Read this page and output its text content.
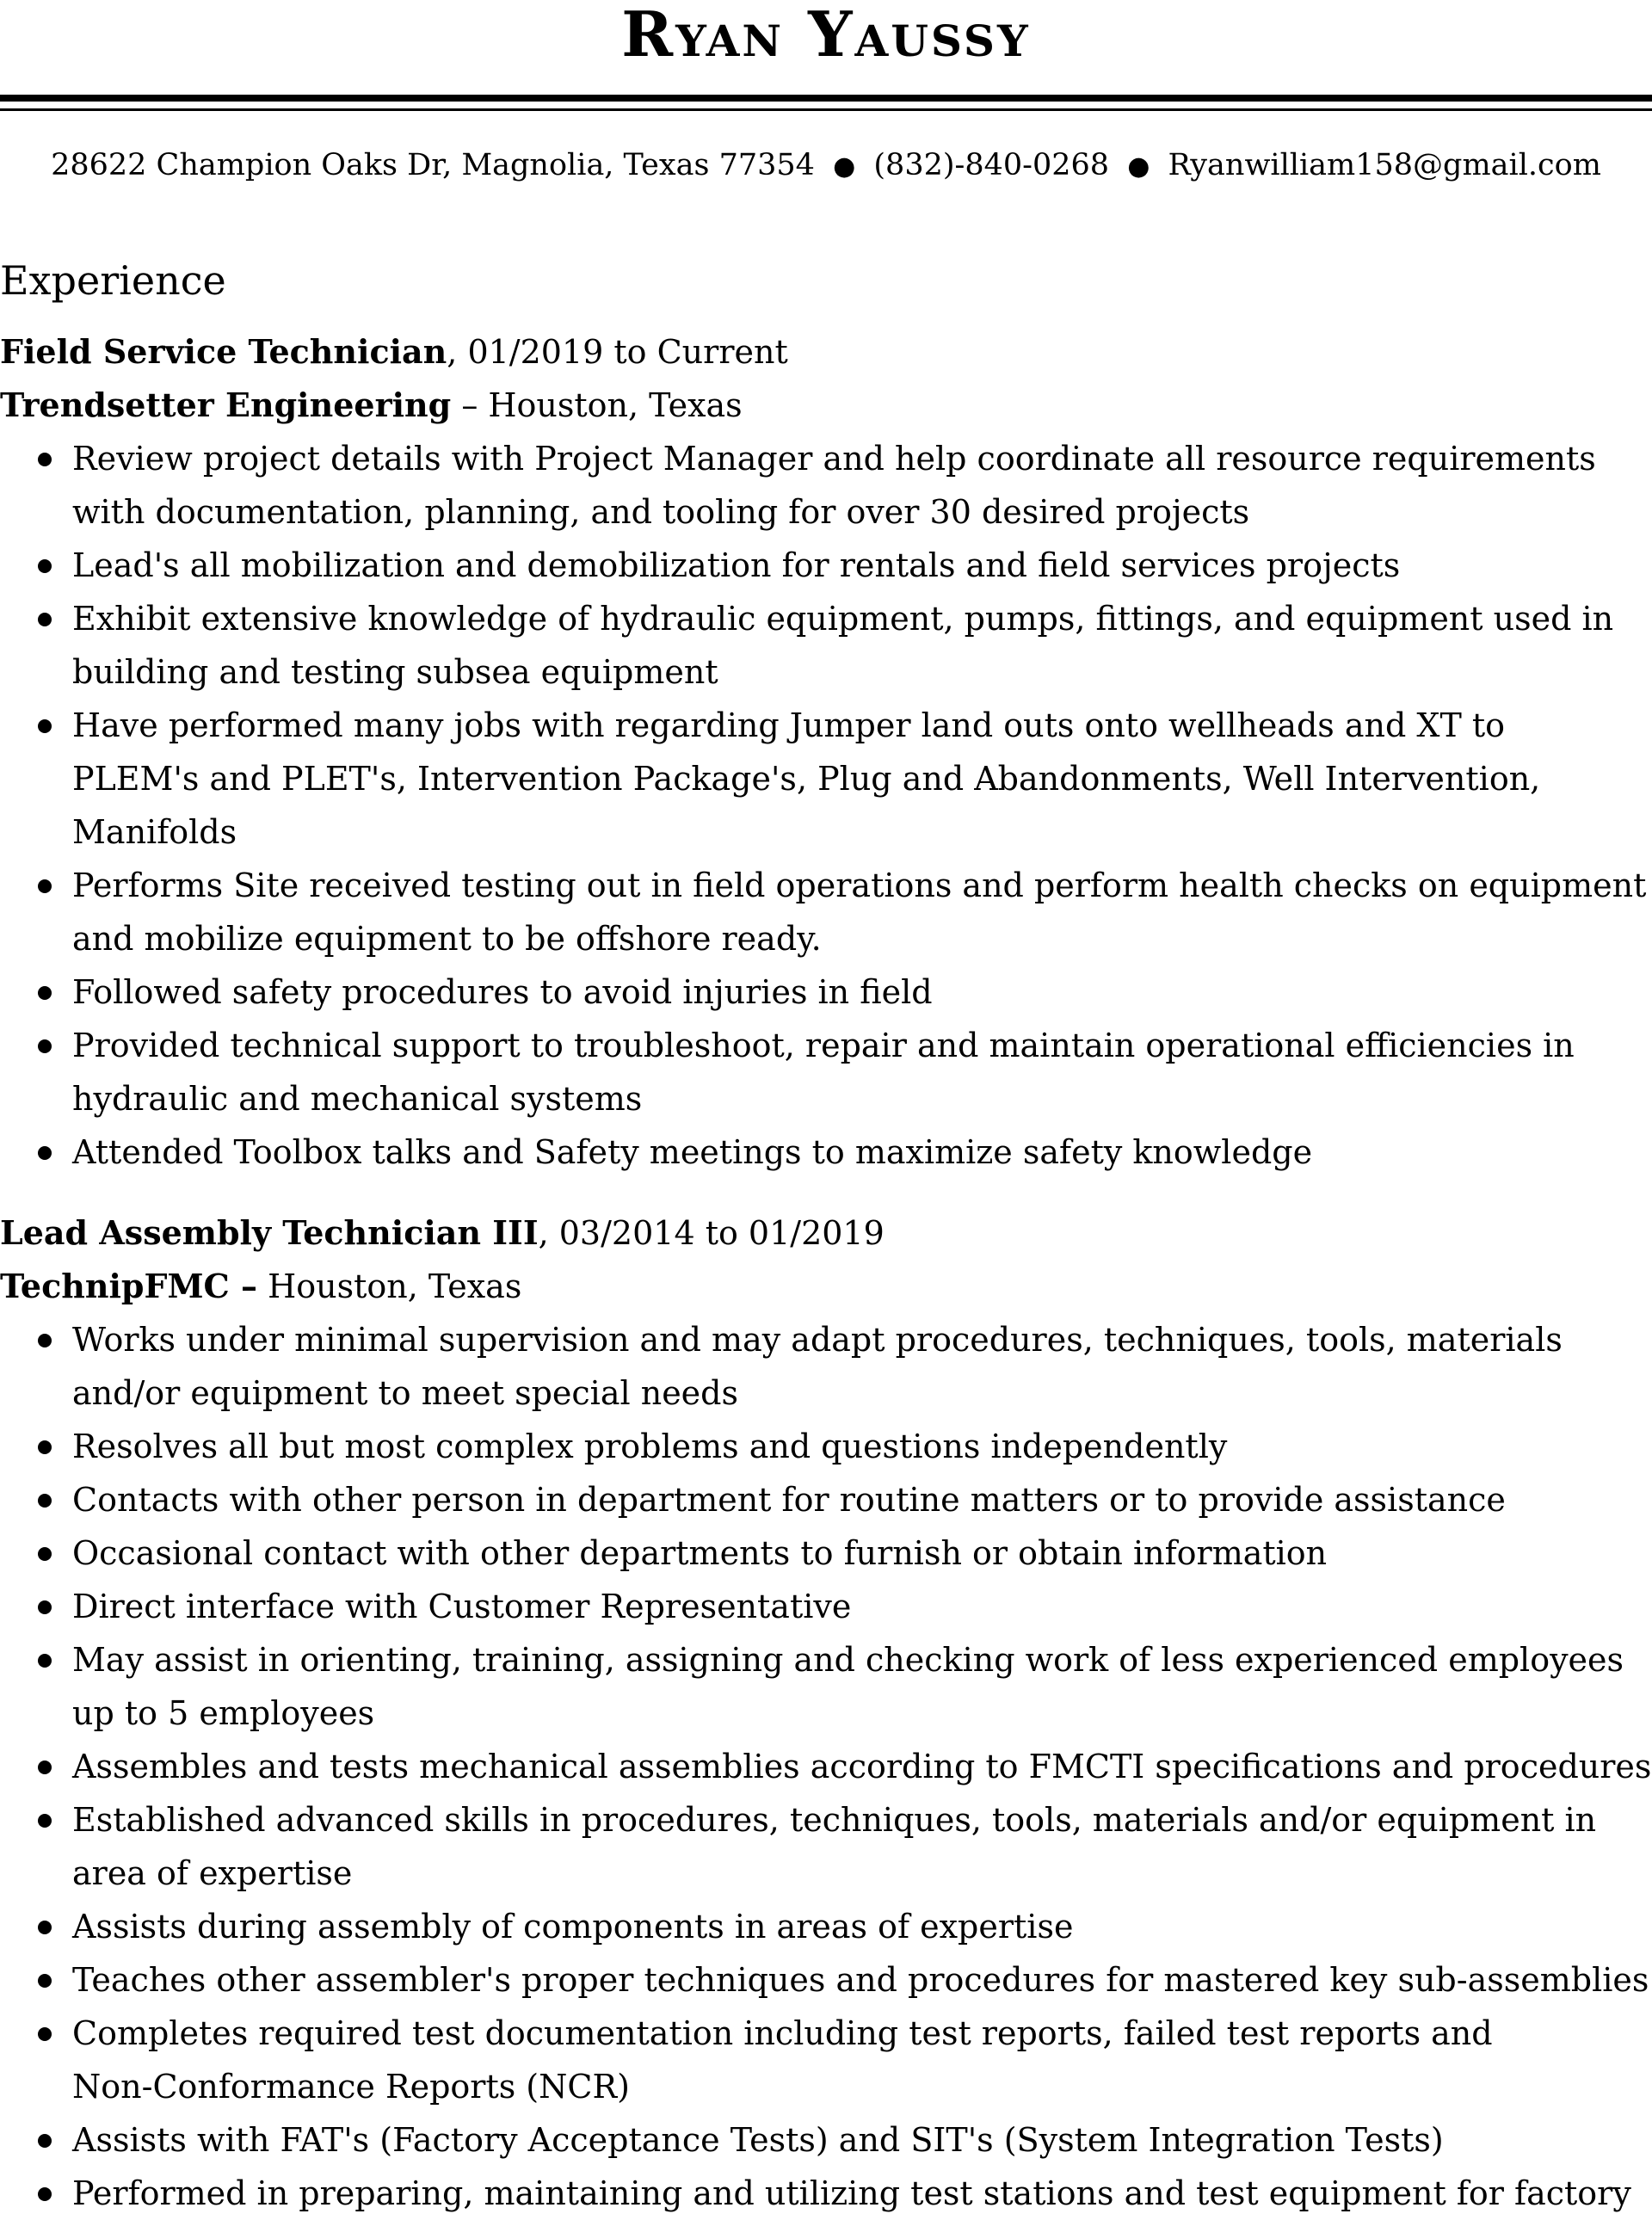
Ryan Yaussy
28622 Champion Oaks Dr, Magnolia, Texas 77354 ● (832)-840-0268 ● Ryanwilliam158@gmail.com
Experience
Field Service Technician, 01/2019 to Current
Trendsetter Engineering – Houston, Texas
Review project details with Project Manager and help coordinate all resource requirements
with documentation, planning, and tooling for over 30 desired projects
Lead's all mobilization and demobilization for rentals and field services projects
Exhibit extensive knowledge of hydraulic equipment, pumps, fittings, and equipment used in
building and testing subsea equipment
Have performed many jobs with regarding Jumper land outs onto wellheads and XT to
PLEM's and PLET's, Intervention Package's, Plug and Abandonments, Well Intervention,
Manifolds
Performs Site received testing out in field operations and perform health checks on equipment
and mobilize equipment to be offshore ready.
Followed safety procedures to avoid injuries in field
Provided technical support to troubleshoot, repair and maintain operational efficiencies in
hydraulic and mechanical systems
Attended Toolbox talks and Safety meetings to maximize safety knowledge
Lead Assembly Technician III, 03/2014 to 01/2019
TechnipFMC – Houston, Texas
Works under minimal supervision and may adapt procedures, techniques, tools, materials
and/or equipment to meet special needs
Resolves all but most complex problems and questions independently
Contacts with other person in department for routine matters or to provide assistance
Occasional contact with other departments to furnish or obtain information
Direct interface with Customer Representative
May assist in orienting, training, assigning and checking work of less experienced employees
up to 5 employees
Assembles and tests mechanical assemblies according to FMCTI specifications and procedures
Established advanced skills in procedures, techniques, tools, materials and/or equipment in
area of expertise
Assists during assembly of components in areas of expertise
Teaches other assembler's proper techniques and procedures for mastered key sub-assemblies
Completes required test documentation including test reports, failed test reports and
Non-Conformance Reports (NCR)
Assists with FAT's (Factory Acceptance Tests) and SIT's (System Integration Tests)
Performed in preparing, maintaining and utilizing test stations and test equipment for factory
